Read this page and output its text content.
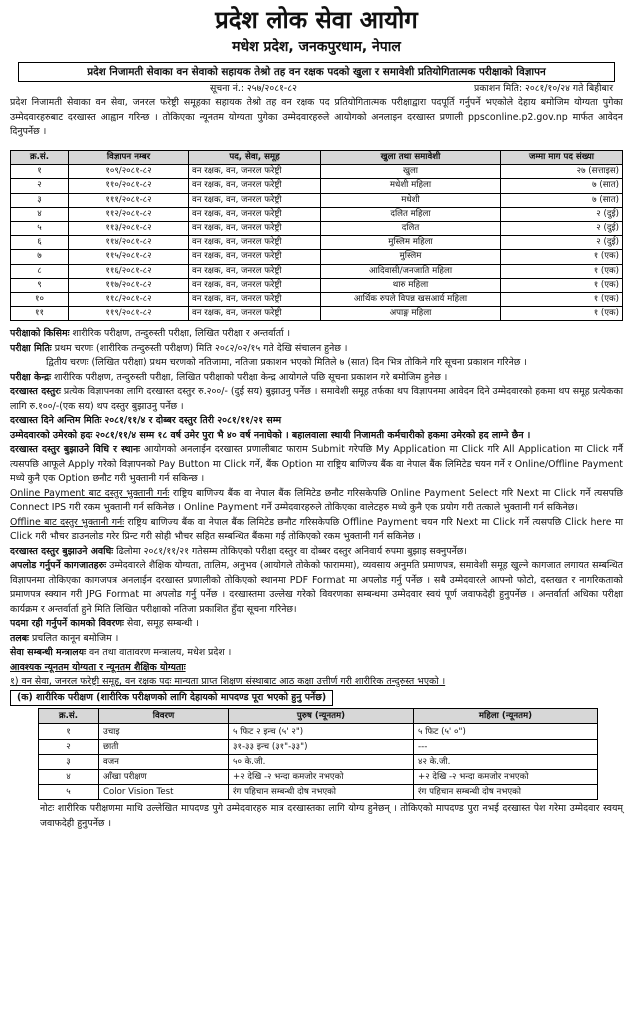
प्रदेश लोक सेवा आयोग
मधेश प्रदेश, जनकपुरधाम, नेपाल
प्रदेश निजामती सेवाका वन सेवाको सहायक तेश्रो तह वन रक्षक पदको खुला र समावेशी प्रतियोगितात्मक परीक्षाको विज्ञापन
सूचना नं.: २५७/२०८१-८२	प्रकाशन मिति: २०८१/१०/२४ गते बिहीबार

प्रदेश निजामती सेवाका वन सेवा, जनरल फरेष्ट्री समूहका सहायक तेश्रो तह वन रक्षक पद प्रतियोगितात्मक परीक्षाद्वारा पदपूर्ति गर्नुपर्ने भएकोले देहाय बमोजिम योग्यता पुगेका उम्मेदवारहरुबाट दरखास्त आह्वान गरिन्छ । तोकिएका न्यूनतम योग्यता पुगेका उम्मेदवारहरुले आयोगको अनलाइन दरखास्त प्रणाली ppsconline.p2.gov.np मार्फत आवेदन दिनुपर्नेछ ।

क्र.सं.	विज्ञापन नम्बर	पद, सेवा, समूह	खुला तथा समावेशी	जम्मा माग पद संख्या
१	१०९/२०८१-८२	वन रक्षक, वन, जनरल फरेष्ट्री	खुला	२७ (सत्ताइस)
२	११०/२०८१-८२	वन रक्षक, वन, जनरल फरेष्ट्री	मधेशी महिला	७ (सात)
३	१११/२०८१-८२	वन रक्षक, वन, जनरल फरेष्ट्री	मधेशी	७ (सात)
४	११२/२०८१-८२	वन रक्षक, वन, जनरल फरेष्ट्री	दलित महिला	२ (दुई)
५	११३/२०८१-८२	वन रक्षक, वन, जनरल फरेष्ट्री	दलित	२ (दुई)
६	११४/२०८१-८२	वन रक्षक, वन, जनरल फरेष्ट्री	मुस्लिम महिला	२ (दुई)
७	११५/२०८१-८२	वन रक्षक, वन, जनरल फरेष्ट्री	मुस्लिम	१ (एक)
८	११६/२०८१-८२	वन रक्षक, वन, जनरल फरेष्ट्री	आदिवासी/जनजाति महिला	१ (एक)
९	११७/२०८१-८२	वन रक्षक, वन, जनरल फरेष्ट्री	थारु महिला	१ (एक)
१०	११८/२०८१-८२	वन रक्षक, वन, जनरल फरेष्ट्री	आर्थिक रुपले विपन्न खसआर्य महिला	१ (एक)
११	११९/२०८१-८२	वन रक्षक, वन, जनरल फरेष्ट्री	अपाङ्ग महिला	१ (एक)

परीक्षाको किसिमः शारीरिक परीक्षण, तन्दुरुस्ती परीक्षा, लिखित परीक्षा र अन्तर्वार्ता ।

परीक्षा मितिः प्रथम चरणः (शारीरिक तन्दुरुस्ती परीक्षण) मिति २०८२/०२/१५ गते देखि संचालन हुनेछ ।

द्वितीय चरणः (लिखित परीक्षा) प्रथम चरणको नतिजामा, नतिजा प्रकाशन भएको मितिले ७ (सात) दिन भित्र तोकिने गरि सूचना प्रकाशन गरिनेछ ।

परीक्षा केन्द्रः शारीरिक परीक्षण, तन्दुरुस्ती परीक्षा, लिखित परीक्षाको परीक्षा केन्द्र आयोगले पछि सूचना प्रकाशन गरे बमोजिम हुनेछ ।

दरखास्त दस्तुरः प्रत्येक विज्ञापनका लागि दरखास्त दस्तुर रु.२००/- (दुई सय) बुझाउनु पर्नेछ । समावेशी समूह तर्फका थप विज्ञापनमा आवेदन दिने उम्मेदवारको हकमा थप समूह प्रत्येकका लागि रु.१००/-(एक सय) थप दस्तुर बुझाउनु पर्नेछ ।

दरखास्त दिने अन्तिम मितिः २०८१/११/४ र दोब्बर दस्तुर तिरी २०८१/११/२१ सम्म

उम्मेदवारको उमेरको हदः २०८१/११/४ सम्म १८ वर्ष उमेर पुरा भै ४० वर्ष ननाघेको । बहालवाला स्थायी निजामती कर्मचारीको हकमा उमेरको हद लाग्ने छैन ।

दरखास्त दस्तुर बुझाउने विधि र स्थानः आयोगको अनलाईन दरखास्त प्रणालीबाट फाराम Submit गरेपछि My Application मा Click गरि All Application मा Click गर्नै त्यसपछि आफूले Apply गरेको विज्ञापनको Pay Button मा Click गर्ने, बैंक Option मा राष्ट्रिय बाणिज्य बैंक वा नेपाल बैंक लिमिटेड चयन गर्ने र Online/Offline Payment मध्ये कुनै एक Option छनौट गरी भुक्तानी गर्न सकिन्छ ।

Online Payment बाट दस्तुर भुक्तानी गर्नः राष्ट्रिय बाणिज्य बैंक वा नेपाल बैंक लिमिटेड छनौट गरिसकेपछि Online Payment Select गरि Next मा Click गर्ने त्यसपछि Connect IPS गरी रकम भुक्तानी गर्न सकिनेछ । Online Payment गर्ने उम्मेदवारहरुले तोकिएका वालेटहरु मध्ये कुनै एक प्रयोग गरी तत्काले भुक्तानी गर्न सकिनेछ।

Offline बाट दस्तुर भुक्तानी गर्नः राष्ट्रिय बाणिज्य बैंक वा नेपाल बैंक लिमिटेड छनौट गरिसकेपछि Offline Payment चयन गरि Next मा Click गर्ने त्यसपछि Click here मा Click गरी भौचर डाउनलोड गरेर प्रिन्ट गरी सोही भौचर सहित सम्बन्धित बैंकमा गई तोकिएको रकम भुक्तानी गर्न सकिनेछ ।

दरखास्त दस्तुर बुझाउने अवधिः ढिलोमा २०८१/११/२१ गतेसम्म तोकिएको परीक्षा दस्तुर वा दोब्बर दस्तुर अनिवार्य रुपमा बुझाइ सक्नुपर्नेछ।

अपलोड गर्नुपर्ने कागजातहरुः उम्मेदवारले शैक्षिक योग्यता, तालिम, अनुभव (आयोगले तोकेको फाराममा), व्यवसाय अनुमति प्रमाणपत्र, समावेशी समूह खुल्ने कागजात लगायत सम्बन्धित विज्ञापनमा तोकिएका कागजपत्र अनलाईन दरखास्त प्रणालीको तोकिएको स्थानमा PDF Format मा अपलोड गर्नु पर्नेछ । सबै उम्मेदवारले आफ्नो फोटो, दस्तखत र नागरिकताको प्रमाणपत्र स्क्यान गरी JPG Format मा अपलोड गर्नु पर्नेछ । दरखास्तमा उल्लेख गरेको विवरणका सम्बन्धमा उम्मेदवार स्वयं पूर्ण जवाफदेही हुनुपर्नेछ । अन्तर्वार्ता अधिका परीक्षा कार्यक्रम र अन्तर्वार्ता हुने मिति लिखित परीक्षाको नतिजा प्रकाशित हुँदा सूचना गरिनेछ।

पदमा रही गर्नुपर्ने कामको विवरणः सेवा, समूह सम्बन्धी ।

तलबः प्रचलित कानून बमोजिम ।

सेवा सम्बन्धी मन्त्रालयः वन तथा वातावरण मन्त्रालय, मधेश प्रदेश ।

आवश्यक न्यूनतम योग्यता र न्यूनतम शैक्षिक योग्यताः

१) वन सेवा, जनरल फरेष्ट्री समूह, वन रक्षक पदः मान्यता प्राप्त शिक्षण संस्थाबाट आठ कक्षा उत्तीर्ण गरी शारीरिक तन्दुरुस्त भएको ।

(क) शारीरिक परीक्षण (शारीरिक परीक्षणको लागि देहायको मापदण्ड पूरा भएको हुनु पर्नेछ)

क्र.सं.	विवरण	पुरुष (न्यूनतम)	महिला (न्यूनतम)
१	उचाइ	५ फिट २ इन्च (५' २")	५ फिट (५' ०")
२	छाती	३१-३३ इन्च (३१"-३३")	---
३	वजन	५० के.जी.	४२ के.जी.
४	आँखा परीक्षण	+२ देखि -२ भन्दा कमजोर नभएको	+२ देखि -२ भन्दा कमजोर नभएको
५	Color Vision Test	रंग पहिचान सम्बन्धी दोष नभएको	रंग पहिचान सम्बन्धी दोष नभएको

नोटः शारीरिक परीक्षणमा माथि उल्लेखित मापदण्ड पुगे उम्मेदवारहरु मात्र दरखास्तका लागि योग्य हुनेछन् । तोकिएको मापदण्ड पुरा नभई दरखास्त पेश गरेमा उम्मेदवार स्वयम् जवाफदेही हुनुपर्नेछ ।
